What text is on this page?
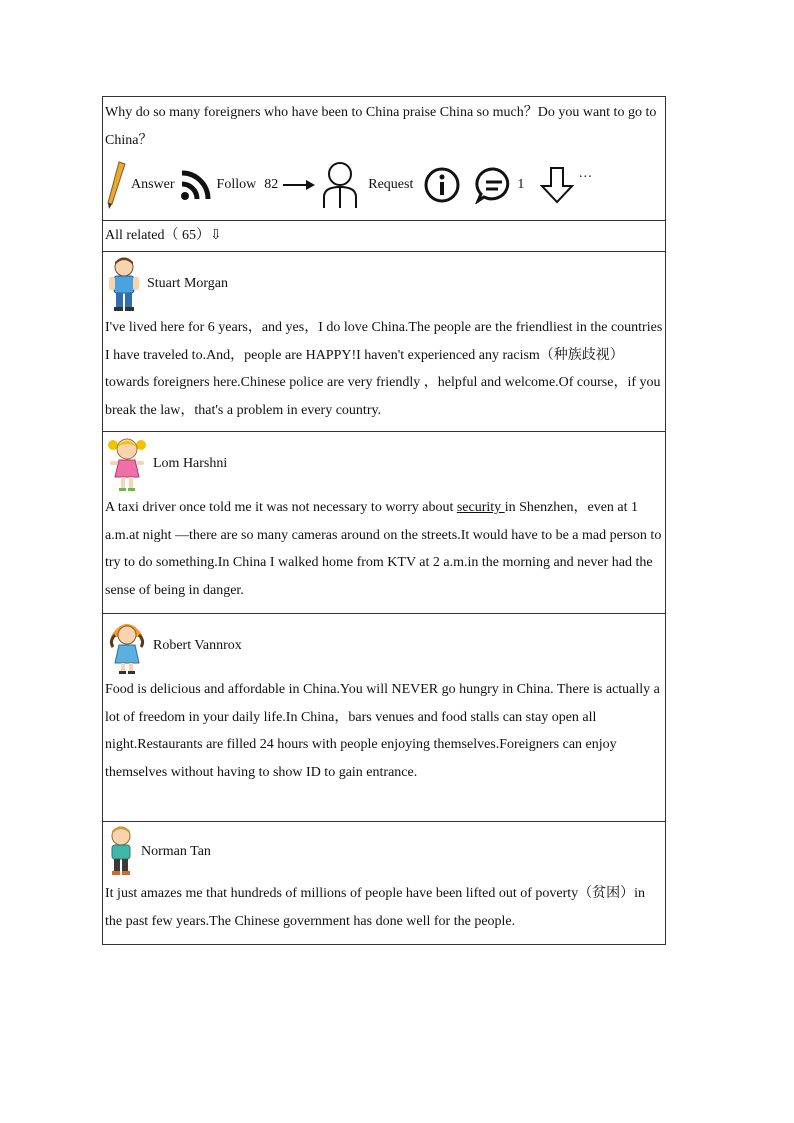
Why do so many foreigners who have been to China praise China so much？Do you want to go to China？
Answer	Follow 82	Request	1	···
All related（ 65）⇩
Stuart Morgan
I've lived here for 6 years，and yes，I do love China.The people are the friendliest in the countries I have traveled to.And，people are HAPPY!I haven't experienced any racism（种族歧视）towards foreigners here.Chinese police are very friendly ，helpful and welcome.Of course，if you break the law，that's a problem in every country.
Lom Harshni
A taxi driver once told me it was not necessary to worry about security in Shenzhen，even at 1 a.m.at night —there are so many cameras around on the streets.It would have to be a mad person to try to do something.In China I walked home from KTV at 2 a.m.in the morning and never had the sense of being in danger.
Robert Vannrox
Food is delicious and affordable in China.You will NEVER go hungry in China. There is actually a lot of freedom in your daily life.In China，bars venues and food stalls can stay open all night.Restaurants are filled 24 hours with people enjoying themselves.Foreigners can enjoy themselves without having to show ID to gain entrance.
Norman Tan
It just amazes me that hundreds of millions of people have been lifted out of poverty（贫困）in the past few years.The Chinese government has done well for the people.
